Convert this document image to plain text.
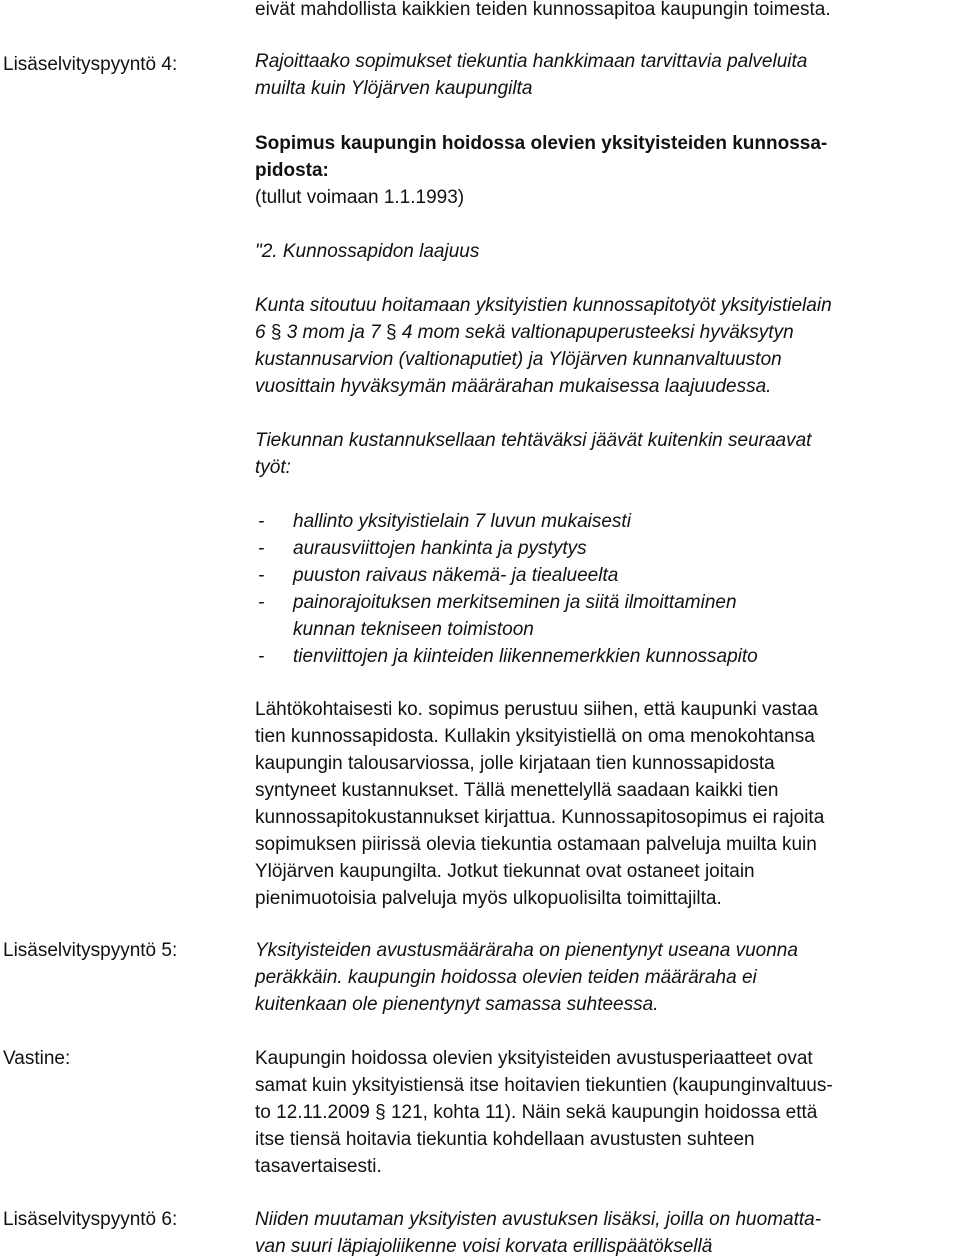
eivät mahdollista kaikkien teiden kunnossapitoa kaupungin toimesta.
Lisäselvityspyyntö 4:	Rajoittaako sopimukset tiekuntia hankkimaan tarvittavia palveluita
muilta kuin Ylöjärven kaupungilta
Sopimus kaupungin hoidossa olevien yksityisteiden kunnossa-
pidosta:
(tullut voimaan 1.1.1993)
"2. Kunnossapidon laajuus
Kunta sitoutuu hoitamaan yksityistien kunnossapitotyöt yksityistielain
6 § 3 mom ja 7 § 4 mom sekä valtionapuperusteeksi hyväksytyn
kustannusarvion (valtionaputiet) ja Ylöjärven kunnanvaltuuston
vuosittain hyväksymän määrärahan mukaisessa laajuudessa.
Tiekunnan kustannuksellaan tehtäväksi jäävät kuitenkin seuraavat
työt:
- hallinto yksityistielain 7 luvun mukaisesti
- aurausviittojen hankinta ja pystytys
- puuston raivaus näkemä- ja tiealueelta
- painorajoituksen merkitseminen ja siitä ilmoittaminen
kunnan tekniseen toimistoon
- tienviittojen ja kiinteiden liikennemerkkien kunnossapito
Lähtökohtaisesti ko. sopimus perustuu siihen, että kaupunki vastaa
tien kunnossapidosta. Kullakin yksityistiellä on oma menokohtansa
kaupungin talousarviossa, jolle kirjataan tien kunnossapidosta
syntyneet kustannukset. Tällä menettelyllä saadaan kaikki tien
kunnossapitokustannukset kirjattua. Kunnossapitosopimus ei rajoita
sopimuksen piirissä olevia tiekuntia ostamaan palveluja muilta kuin
Ylöjärven kaupungilta. Jotkut tiekunnat ovat ostaneet joitain
pienimuotoisia palveluja myös ulkopuolisilta toimittajilta.
Lisäselvityspyyntö 5:	Yksityisteiden avustusmääräraha on pienentynyt useana vuonna
peräkkäin. kaupungin hoidossa olevien teiden määräraha ei
kuitenkaan ole pienentynyt samassa suhteessa.
Vastine:	Kaupungin hoidossa olevien yksityisteiden avustusperiaatteet ovat
samat kuin yksityistiensä itse hoitavien tiekuntien (kaupunginvaltuus-
to 12.11.2009 § 121, kohta 11). Näin sekä kaupungin hoidossa että
itse tiensä hoitavia tiekuntia kohdellaan avustusten suhteen
tasavertaisesti.
Lisäselvityspyyntö 6:	Niiden muutaman yksityisten avustuksen lisäksi, joilla on huomatta-
van suuri läpiajoliikenne voisi korvata erillispäätöksellä
